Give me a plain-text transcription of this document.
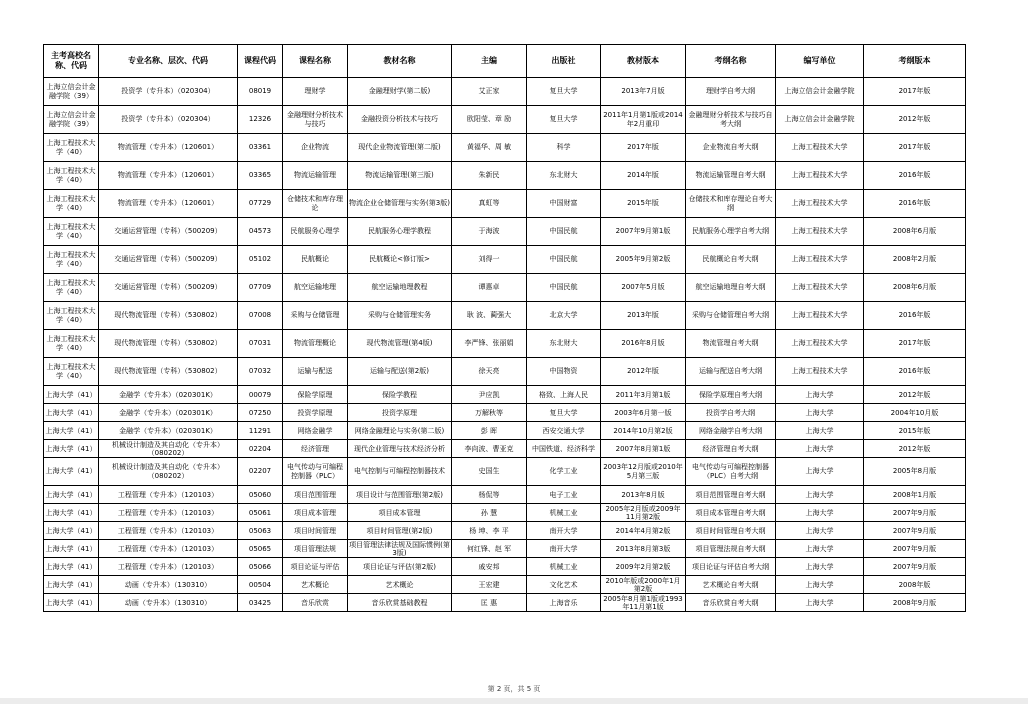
主考高校名称、代码	专业名称、层次、代码	课程代码	课程名称	教材名称	主编	出版社	教材版本	考纲名称	编写单位	考纲版本
上海立信会计金融学院（39）	投资学（专升本）（020304）	08019	理财学	金融理财学(第二版)	艾正家	复旦大学	2013年7月版	理财学自考大纲	上海立信会计金融学院	2017年版
上海立信会计金融学院（39）	投资学（专升本）（020304）	12326	金融理财分析技术与技巧	金融投资分析技术与技巧	欧阳莹、章 励	复旦大学	2011年1月第1版或2014年2月重印	金融理财分析技术与技巧自考大纲	上海立信会计金融学院	2012年版
上海工程技术大学（40）	物流管理（专升本）（120601）	03361	企业物流	现代企业物流管理(第二版)	黄福华、周 敏	科学	2017年版	企业物流自考大纲	上海工程技术大学	2017年版
上海工程技术大学（40）	物流管理（专升本）（120601）	03365	物流运输管理	物流运输管理(第三版)	朱新民	东北财大	2014年版	物流运输管理自考大纲	上海工程技术大学	2016年版
上海工程技术大学（40）	物流管理（专升本）（120601）	07729	仓储技术和库存理论	物流企业仓储管理与实务(第3版)	真虹等	中国财富	2015年版	仓储技术和库存理论自考大纲	上海工程技术大学	2016年版
上海工程技术大学（40）	交通运营管理（专科）（500209）	04573	民航服务心理学	民航服务心理学教程	于海波	中国民航	2007年9月第1版	民航服务心理学自考大纲	上海工程技术大学	2008年6月版
上海工程技术大学（40）	交通运营管理（专科）（500209）	05102	民航概论	民航概论<修订版>	刘得一	中国民航	2005年9月第2版	民航概论自考大纲	上海工程技术大学	2008年2月版
上海工程技术大学（40）	交通运营管理（专科）（500209）	07709	航空运输地理	航空运输地理教程	谭惠卓	中国民航	2007年5月版	航空运输地理自考大纲	上海工程技术大学	2008年6月版
上海工程技术大学（40）	现代物流管理（专科）（530802）	07008	采购与仓储管理	采购与仓储管理实务	耿 波、蔺强大	北京大学	2013年版	采购与仓储管理自考大纲	上海工程技术大学	2016年版
上海工程技术大学（40）	现代物流管理（专科）（530802）	07031	物流管理概论	现代物流管理(第4版)	李严锋、张丽娟	东北财大	2016年8月版	物流管理自考大纲	上海工程技术大学	2017年版
上海工程技术大学（40）	现代物流管理（专科）（530802）	07032	运输与配送	运输与配送(第2版)	徐天亮	中国物资	2012年版	运输与配送自考大纲	上海工程技术大学	2016年版
上海大学（41）	金融学（专升本）（020301K）	00079	保险学原理	保险学教程	尹应凯	格致、上海人民	2011年3月第1版	保险学原理自考大纲	上海大学	2012年版
上海大学（41）	金融学（专升本）（020301K）	07250	投资学原理	投资学原理	万解秋等	复旦大学	2003年6月第一版	投资学自考大纲	上海大学	2004年10月版
上海大学（41）	金融学（专升本）（020301K）	11291	网络金融学	网络金融理论与实务(第二版)	彭 晖	西安交通大学	2014年10月第2版	网络金融学自考大纲	上海大学	2015年版
上海大学（41）	机械设计制造及其自动化（专升本）（080202）	02204	经济管理	现代企业管理与技术经济分析	李向波、曹亚克	中国铁道、经济科学	2007年8月第1版	经济管理自考大纲	上海大学	2012年版
上海大学（41）	机械设计制造及其自动化（专升本）（080202）	02207	电气传动与可编程控制器（PLC）	电气控制与可编程控制器技术	史国生	化学工业	2003年12月版或2010年5月第三版	电气传动与可编程控制器（PLC）自考大纲	上海大学	2005年8月版
上海大学（41）	工程管理（专升本）（120103）	05060	项目范围管理	项目设计与范围管理(第2版)	杨侃等	电子工业	2013年8月版	项目范围管理自考大纲	上海大学	2008年1月版
上海大学（41）	工程管理（专升本）（120103）	05061	项目成本管理	项目成本管理	孙 慧	机械工业	2005年2月版或2009年11月第2版	项目成本管理自考大纲	上海大学	2007年9月版
上海大学（41）	工程管理（专升本）（120103）	05063	项目时间管理	项目时间管理(第2版)	杨 坤、李 平	南开大学	2014年4月第2版	项目时间管理自考大纲	上海大学	2007年9月版
上海大学（41）	工程管理（专升本）（120103）	05065	项目管理法规	项目管理法律法规及国际惯例(第3版)	何红锋、赵 军	南开大学	2013年8月第3版	项目管理法规自考大纲	上海大学	2007年9月版
上海大学（41）	工程管理（专升本）（120103）	05066	项目论证与评估	项目论证与评估(第2版)	戚安邦	机械工业	2009年2月第2版	项目论证与评估自考大纲	上海大学	2007年9月版
上海大学（41）	动画（专升本）（130310）	00504	艺术概论	艺术概论	王宏建	文化艺术	2010年版或2000年1月第2版	艺术概论自考大纲	上海大学	2008年版
上海大学（41）	动画（专升本）（130310）	03425	音乐欣赏	音乐欣赏基础教程	匡 惠	上海音乐	2005年8月第1版或1993年11月第1版	音乐欣赏自考大纲	上海大学	2008年9月版
第 2 页，共 5 页
